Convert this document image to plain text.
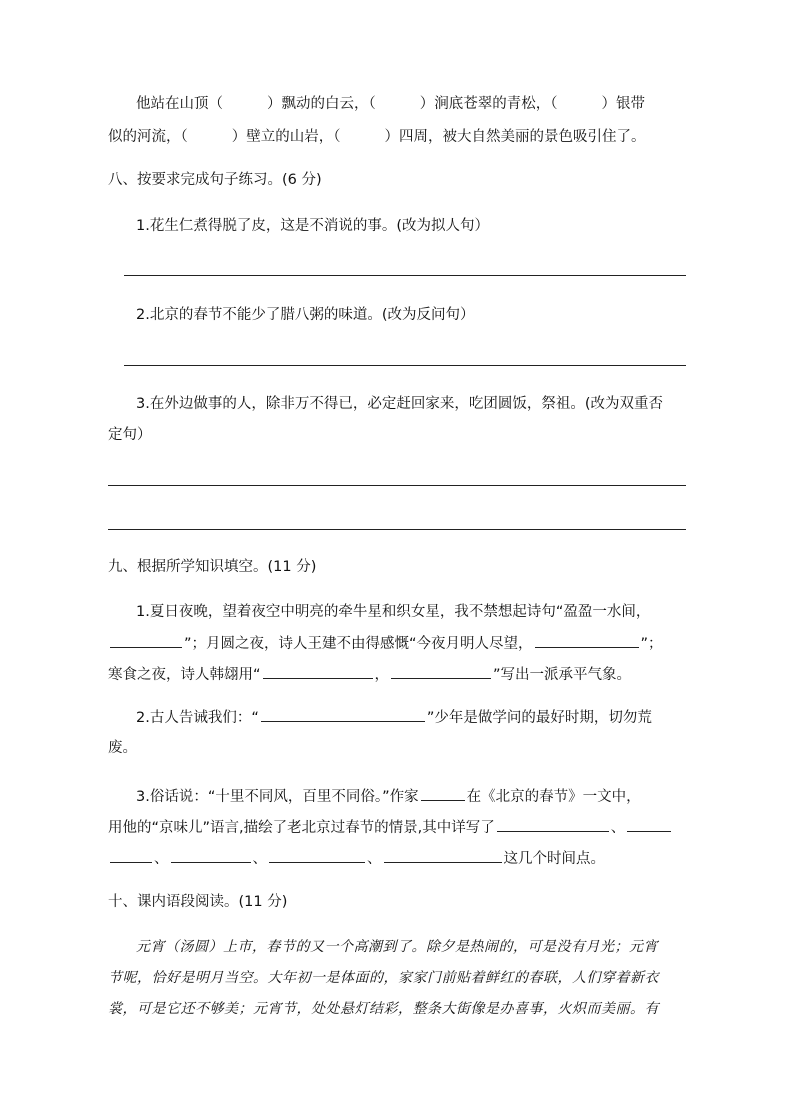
他站在山顶（	）飘动的白云，（	）涧底苍翠的青松，（	）银带
似的河流，（	）壁立的山岩，（	）四周，被大自然美丽的景色吸引住了。
八、按要求完成句子练习。(6 分)
1.花生仁煮得脱了皮，这是不消说的事。(改为拟人句）
2.北京的春节不能少了腊八粥的味道。(改为反问句）
3.在外边做事的人，除非万不得已，必定赶回家来，吃团圆饭，祭祖。(改为双重否
定句）
九、根据所学知识填空。(11 分)
1.夏日夜晚，望着夜空中明亮的牵牛星和织女星，我不禁想起诗句“盈盈一水间，
”；月圆之夜，诗人王建不由得感慨“今夜月明人尽望，	”；
寒食之夜，诗人韩翃用“	，	”写出一派承平气象。
2.古人告诫我们：“	”少年是做学问的最好时期，切勿荒
废。
3.俗话说：“十里不同风，百里不同俗。”作家	在《北京的春节》一文中，
用他的“京味儿”语言,描绘了老北京过春节的情景,其中详写了	、
、	、	、	这几个时间点。
十、课内语段阅读。(11 分)
元宵（汤圆）上市，春节的又一个高潮到了。除夕是热闹的，可是没有月光；元宵
节呢，恰好是明月当空。大年初一是体面的，家家门前贴着鲜红的春联，人们穿着新衣
裳，可是它还不够美；元宵节，处处悬灯结彩，整条大街像是办喜事，火炽而美丽。有
